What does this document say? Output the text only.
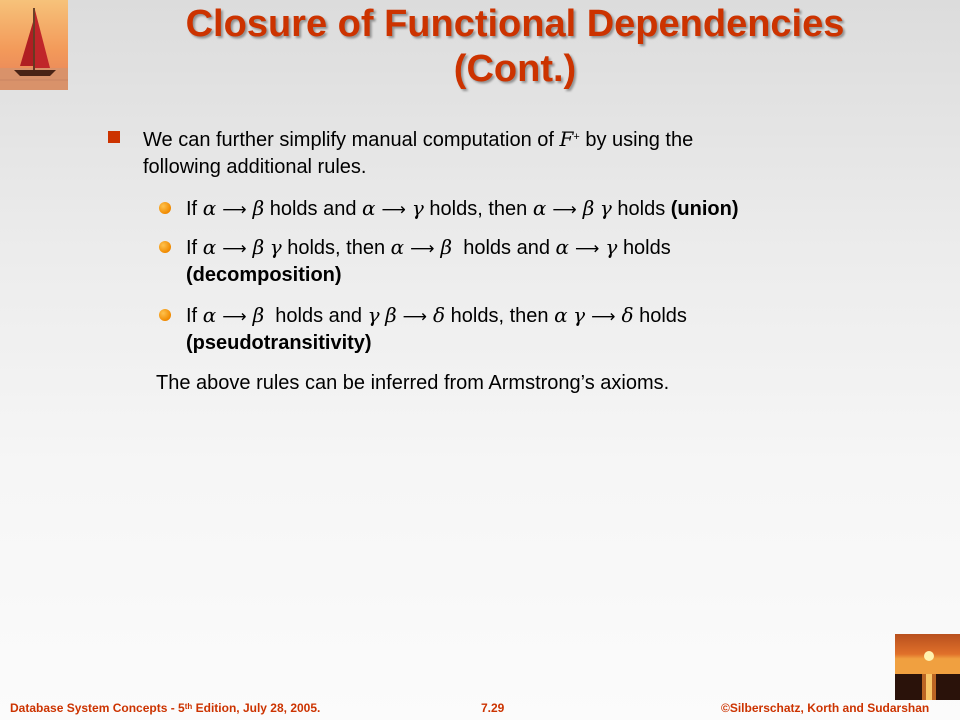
Closure of Functional Dependencies
(Cont.)
We can further simplify manual computation of F+ by using the
following additional rules.
If α ⟶ β holds and α ⟶ γ holds, then α ⟶ β γ holds (union)
If α ⟶ β γ holds, then α ⟶ β holds and α ⟶ γ holds
(decomposition)
If α ⟶ β holds and γ β ⟶ δ holds, then α γ ⟶ δ holds
(pseudotransitivity)
The above rules can be inferred from Armstrong’s axioms.
Database System Concepts - 5th Edition, July 28, 2005.	7.29	©Silberschatz, Korth and Sudarshan
